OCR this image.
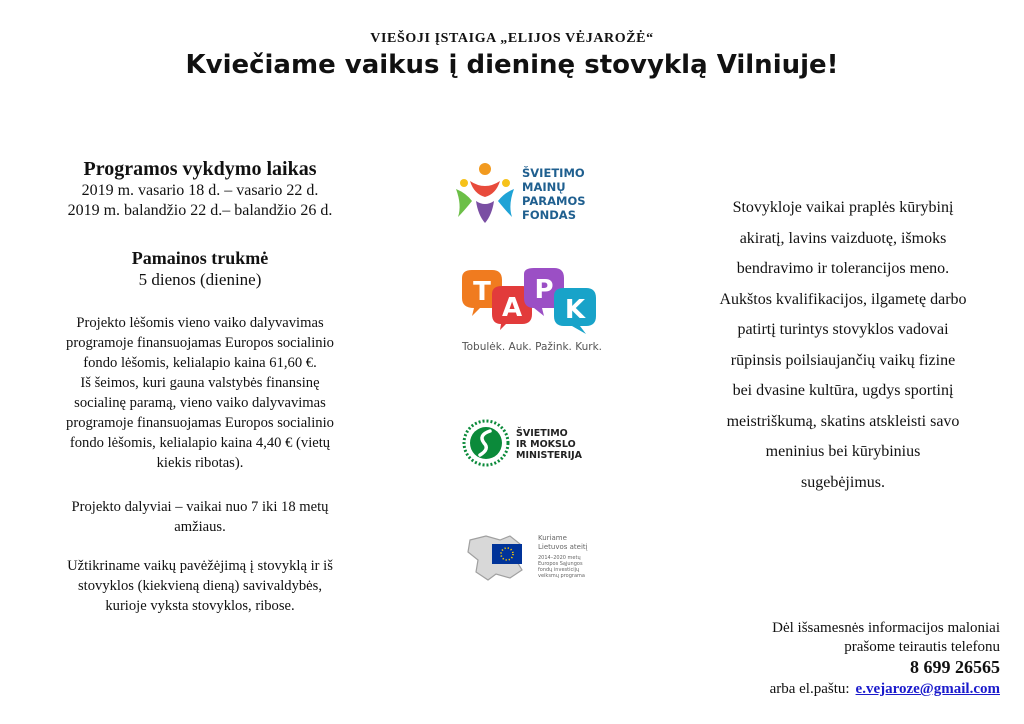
VIEŠOJI ĮSTAIGA „ELIJOS VĖJAROŽĖ“
Kviečiame vaikus į dieninę stovyklą Vilniuje!
Programos vykdymo laikas
2019 m. vasario 18 d. – vasario 22 d.
2019 m. balandžio 22 d.– balandžio 26 d.
Pamainos trukmė
5 dienos (dienine)
Projekto lėšomis vieno vaiko dalyvavimas
programoje finansuojamas Europos socialinio
fondo lėšomis, kelialapio kaina 61,60 €.
Iš šeimos, kuri gauna valstybės finansinę
socialinę paramą, vieno vaiko dalyvavimas
programoje finansuojamas Europos socialinio
fondo lėšomis, kelialapio kaina 4,40 € (vietų
kiekis ribotas).
Projekto dalyviai – vaikai nuo 7 iki 18 metų
amžiaus.
Užtikriname vaikų pavėžėjimą į stovyklą ir iš
stovyklos (kiekvieną dieną) savivaldybės,
kurioje vyksta stovyklos, ribose.
ŠVIETIMO
MAINŲ
PARAMOS
FONDAS
T
A
P
K
Tobulėk. Auk. Pažink. Kurk.
ŠVIETIMO
IR MOKSLO
MINISTERIJA
Kuriame
Lietuvos ateitį
2014–2020 metų
Europos Sąjungos
fondų investicijų
veiksmų programa
Stovykloje vaikai praplės kūrybinį
akiratį, lavins vaizduotę, išmoks
bendravimo ir tolerancijos meno.
Aukštos kvalifikacijos, ilgametę darbo
patirtį turintys stovyklos vadovai
rūpinsis poilsiaujančių vaikų fizine
bei dvasine kultūra, ugdys sportinį
meistriškumą, skatins atskleisti savo
meninius bei kūrybinius
sugebėjimus.
Dėl išsamesnės informacijos maloniai
prašome teirautis telefonu
8 699 26565
arba el.paštu: e.vejaroze@gmail.com
